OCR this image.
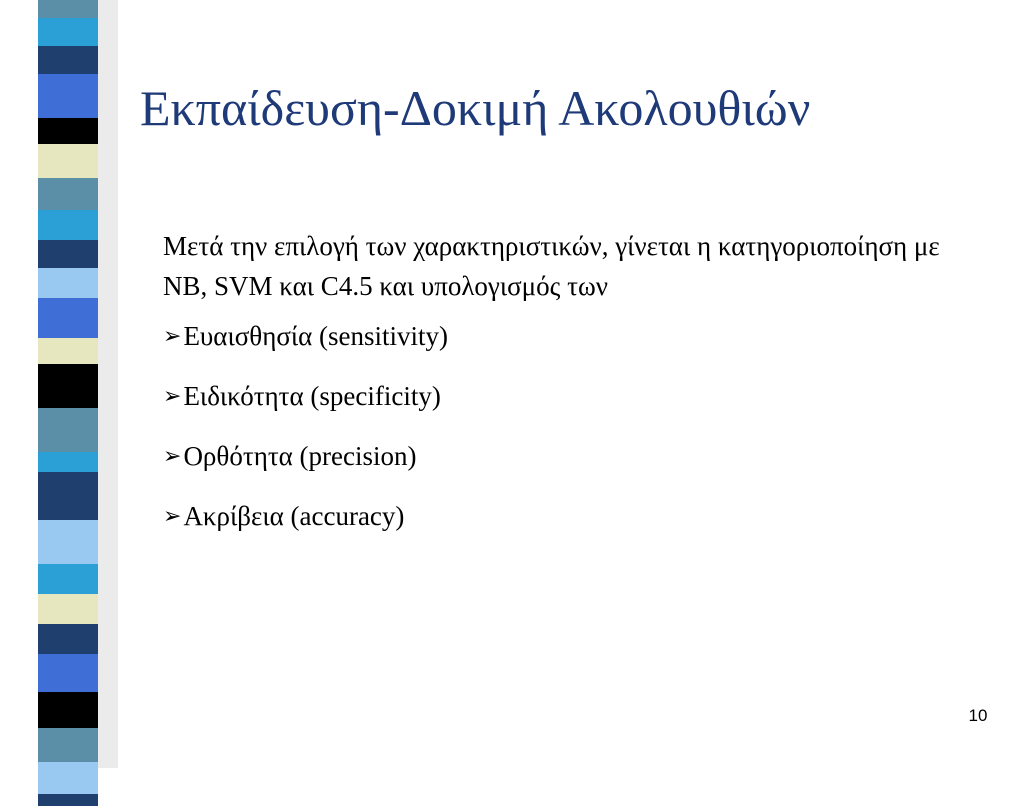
Εκπαίδευση-Δοκιμή Ακολουθιών
Μετά την επιλογή των χαρακτηριστικών, γίνεται η κατηγοριοποίηση με NB, SVM και C4.5 και υπολογισμός των
➢Ευαισθησία (sensitivity)
➢Ειδικότητα (specificity)
➢Ορθότητα (precision)
➢Ακρίβεια (accuracy)
10
